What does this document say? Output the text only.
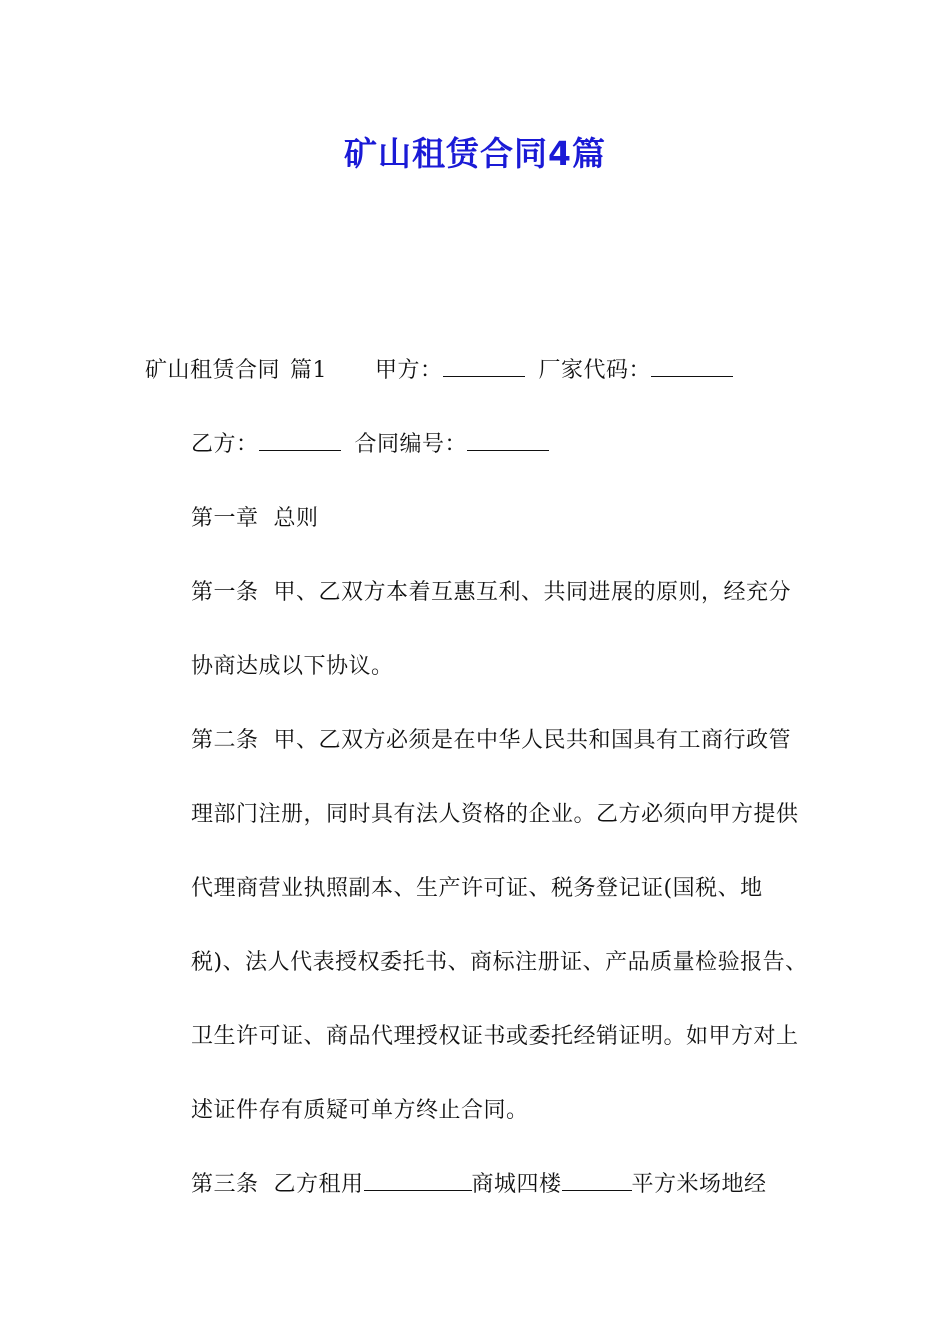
矿山租赁合同4篇

矿山租赁合同 篇1 甲方：	厂家代码：

乙方：	合同编号：

第一章  总则

第一条  甲、乙双方本着互惠互利、共同进展的原则，经充分协商达成以下协议。

第二条  甲、乙双方必须是在中华人民共和国具有工商行政管理部门注册，同时具有法人资格的企业。乙方必须向甲方提供代理商营业执照副本、生产许可证、税务登记证(国税、地税)、法人代表授权委托书、商标注册证、产品质量检验报告、卫生许可证、商品代理授权证书或委托经销证明。如甲方对上述证件存有质疑可单方终止合同。

第三条  乙方租用	商城四楼	平方米场地经
